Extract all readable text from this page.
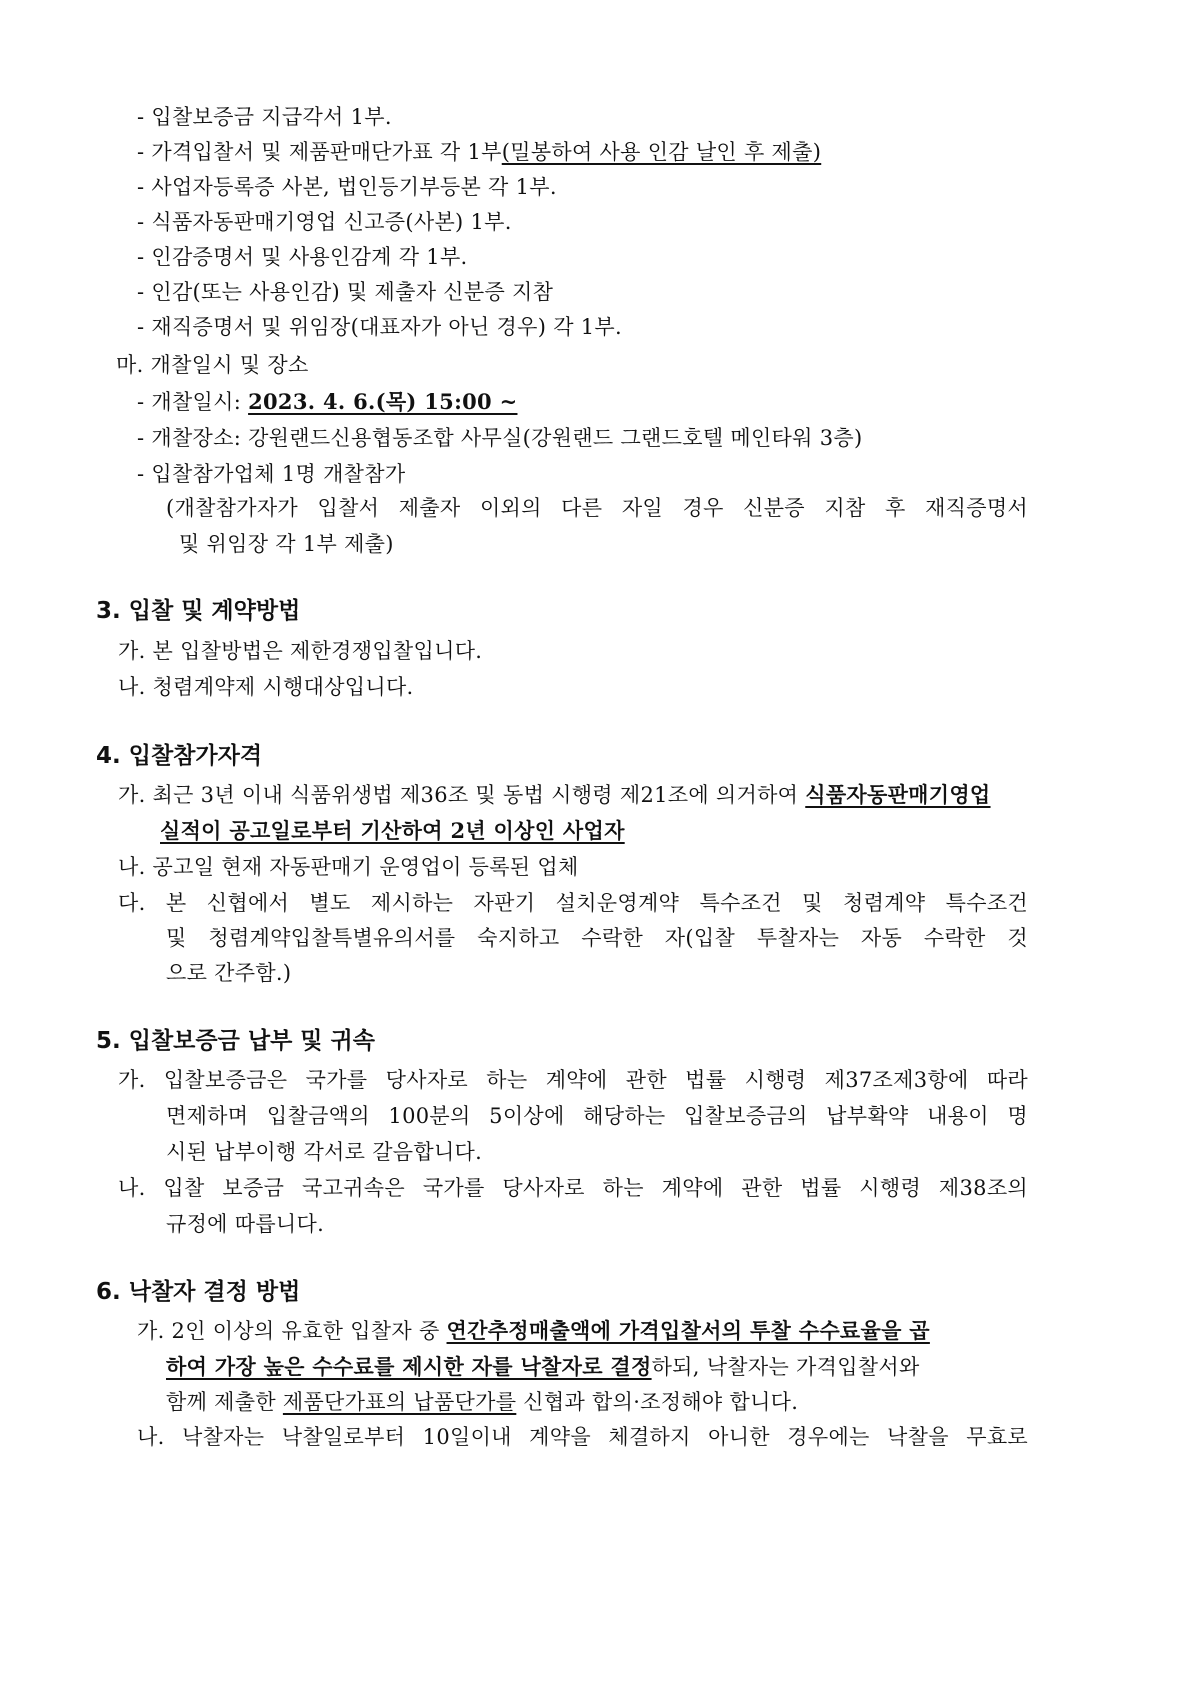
- 입찰보증금 지급각서 1부.
- 가격입찰서 및 제품판매단가표 각 1부(밀봉하여 사용 인감 날인 후 제출)
- 사업자등록증 사본, 법인등기부등본 각 1부.
- 식품자동판매기영업 신고증(사본) 1부.
- 인감증명서 및 사용인감계 각 1부.
- 인감(또는 사용인감) 및 제출자 신분증 지참
- 재직증명서 및 위임장(대표자가 아닌 경우) 각 1부.
마. 개찰일시 및 장소
- 개찰일시: 2023. 4. 6.(목) 15:00 ~
- 개찰장소: 강원랜드신용협동조합 사무실(강원랜드 그랜드호텔 메인타워 3층)
- 입찰참가업체 1명 개찰참가
(개찰참가자가 입찰서 제출자 이외의 다른 자일 경우 신분증 지참 후 재직증명서
및 위임장 각 1부 제출)
3. 입찰 및 계약방법
가. 본 입찰방법은 제한경쟁입찰입니다.
나. 청렴계약제 시행대상입니다.
4. 입찰참가자격
가. 최근 3년 이내 식품위생법 제36조 및 동법 시행령 제21조에 의거하여 식품자동판매기영업
실적이 공고일로부터 기산하여 2년 이상인 사업자
나. 공고일 현재 자동판매기 운영업이 등록된 업체
다. 본 신협에서 별도 제시하는 자판기 설치운영계약 특수조건 및 청렴계약 특수조건
및 청렴계약입찰특별유의서를 숙지하고 수락한 자(입찰 투찰자는 자동 수락한 것
으로 간주함.)
5. 입찰보증금 납부 및 귀속
가. 입찰보증금은 국가를 당사자로 하는 계약에 관한 법률 시행령 제37조제3항에 따라
면제하며 입찰금액의 100분의 5이상에 해당하는 입찰보증금의 납부확약 내용이 명
시된 납부이행 각서로 갈음합니다.
나. 입찰 보증금 국고귀속은 국가를 당사자로 하는 계약에 관한 법률 시행령 제38조의
규정에 따릅니다.
6. 낙찰자 결정 방법
가. 2인 이상의 유효한 입찰자 중 연간추정매출액에 가격입찰서의 투찰 수수료율을 곱
하여 가장 높은 수수료를 제시한 자를 낙찰자로 결정하되, 낙찰자는 가격입찰서와
함께 제출한 제품단가표의 납품단가를 신협과 합의·조정해야 합니다.
나. 낙찰자는 낙찰일로부터 10일이내 계약을 체결하지 아니한 경우에는 낙찰을 무효로
